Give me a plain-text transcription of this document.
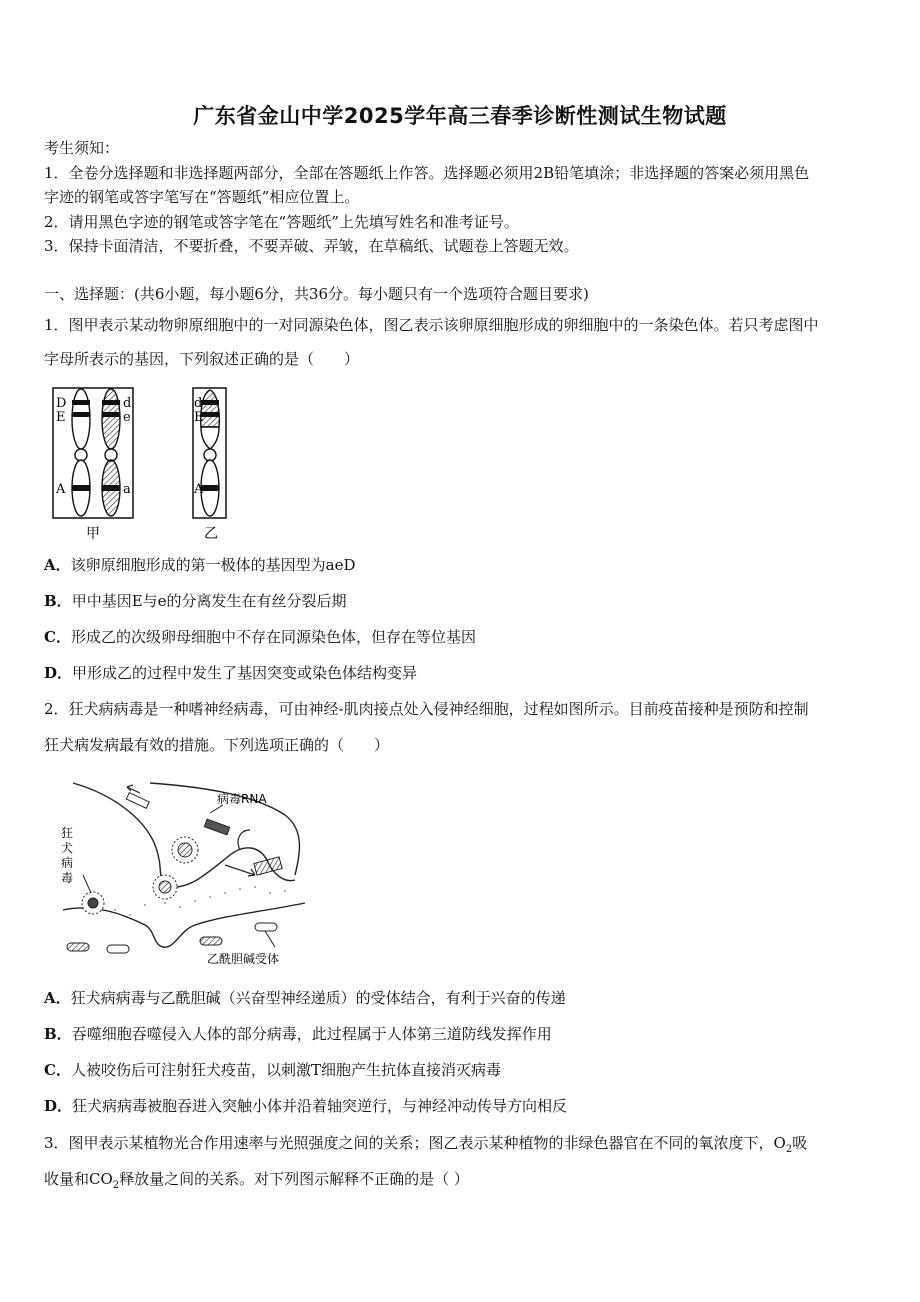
广东省金山中学2025学年高三春季诊断性测试生物试题
考生须知：
1．全卷分选择题和非选择题两部分，全部在答题纸上作答。选择题必须用2B铅笔填涂；非选择题的答案必须用黑色
字迹的钢笔或答字笔写在“答题纸”相应位置上。
2．请用黑色字迹的钢笔或答字笔在“答题纸”上先填写姓名和准考证号。
3．保持卡面清洁，不要折叠，不要弄破、弄皱，在草稿纸、试题卷上答题无效。
一、选择题：(共6小题，每小题6分，共36分。每小题只有一个选项符合题目要求)
1．图甲表示某动物卵原细胞中的一对同源染色体，图乙表示该卵原细胞形成的卵细胞中的一条染色体。若只考虑图中
字母所表示的基因，下列叙述正确的是（　　）
D
E
A
d
e
a
甲
d
E
A
乙
A．该卵原细胞形成的第一极体的基因型为aeD
B．甲中基因E与e的分离发生在有丝分裂后期
C．形成乙的次级卵母细胞中不存在同源染色体，但存在等位基因
D．甲形成乙的过程中发生了基因突变或染色体结构变异
2．狂犬病病毒是一种嗜神经病毒，可由神经-肌肉接点处入侵神经细胞，过程如图所示。目前疫苗接种是预防和控制
狂犬病发病最有效的措施。下列选项正确的（　　）
病毒RNA
狂
犬
病
毒
乙酰胆碱受体
A．狂犬病病毒与乙酰胆碱（兴奋型神经递质）的受体结合，有利于兴奋的传递
B．吞噬细胞吞噬侵入人体的部分病毒，此过程属于人体第三道防线发挥作用
C．人被咬伤后可注射狂犬疫苗，以刺激T细胞产生抗体直接消灭病毒
D．狂犬病病毒被胞吞进入突触小体并沿着轴突逆行，与神经冲动传导方向相反
3．图甲表示某植物光合作用速率与光照强度之间的关系；图乙表示某种植物的非绿色器官在不同的氧浓度下，$O_2$吸
收量和$CO_2$释放量之间的关系。对下列图示解释不正确的是（ ）
